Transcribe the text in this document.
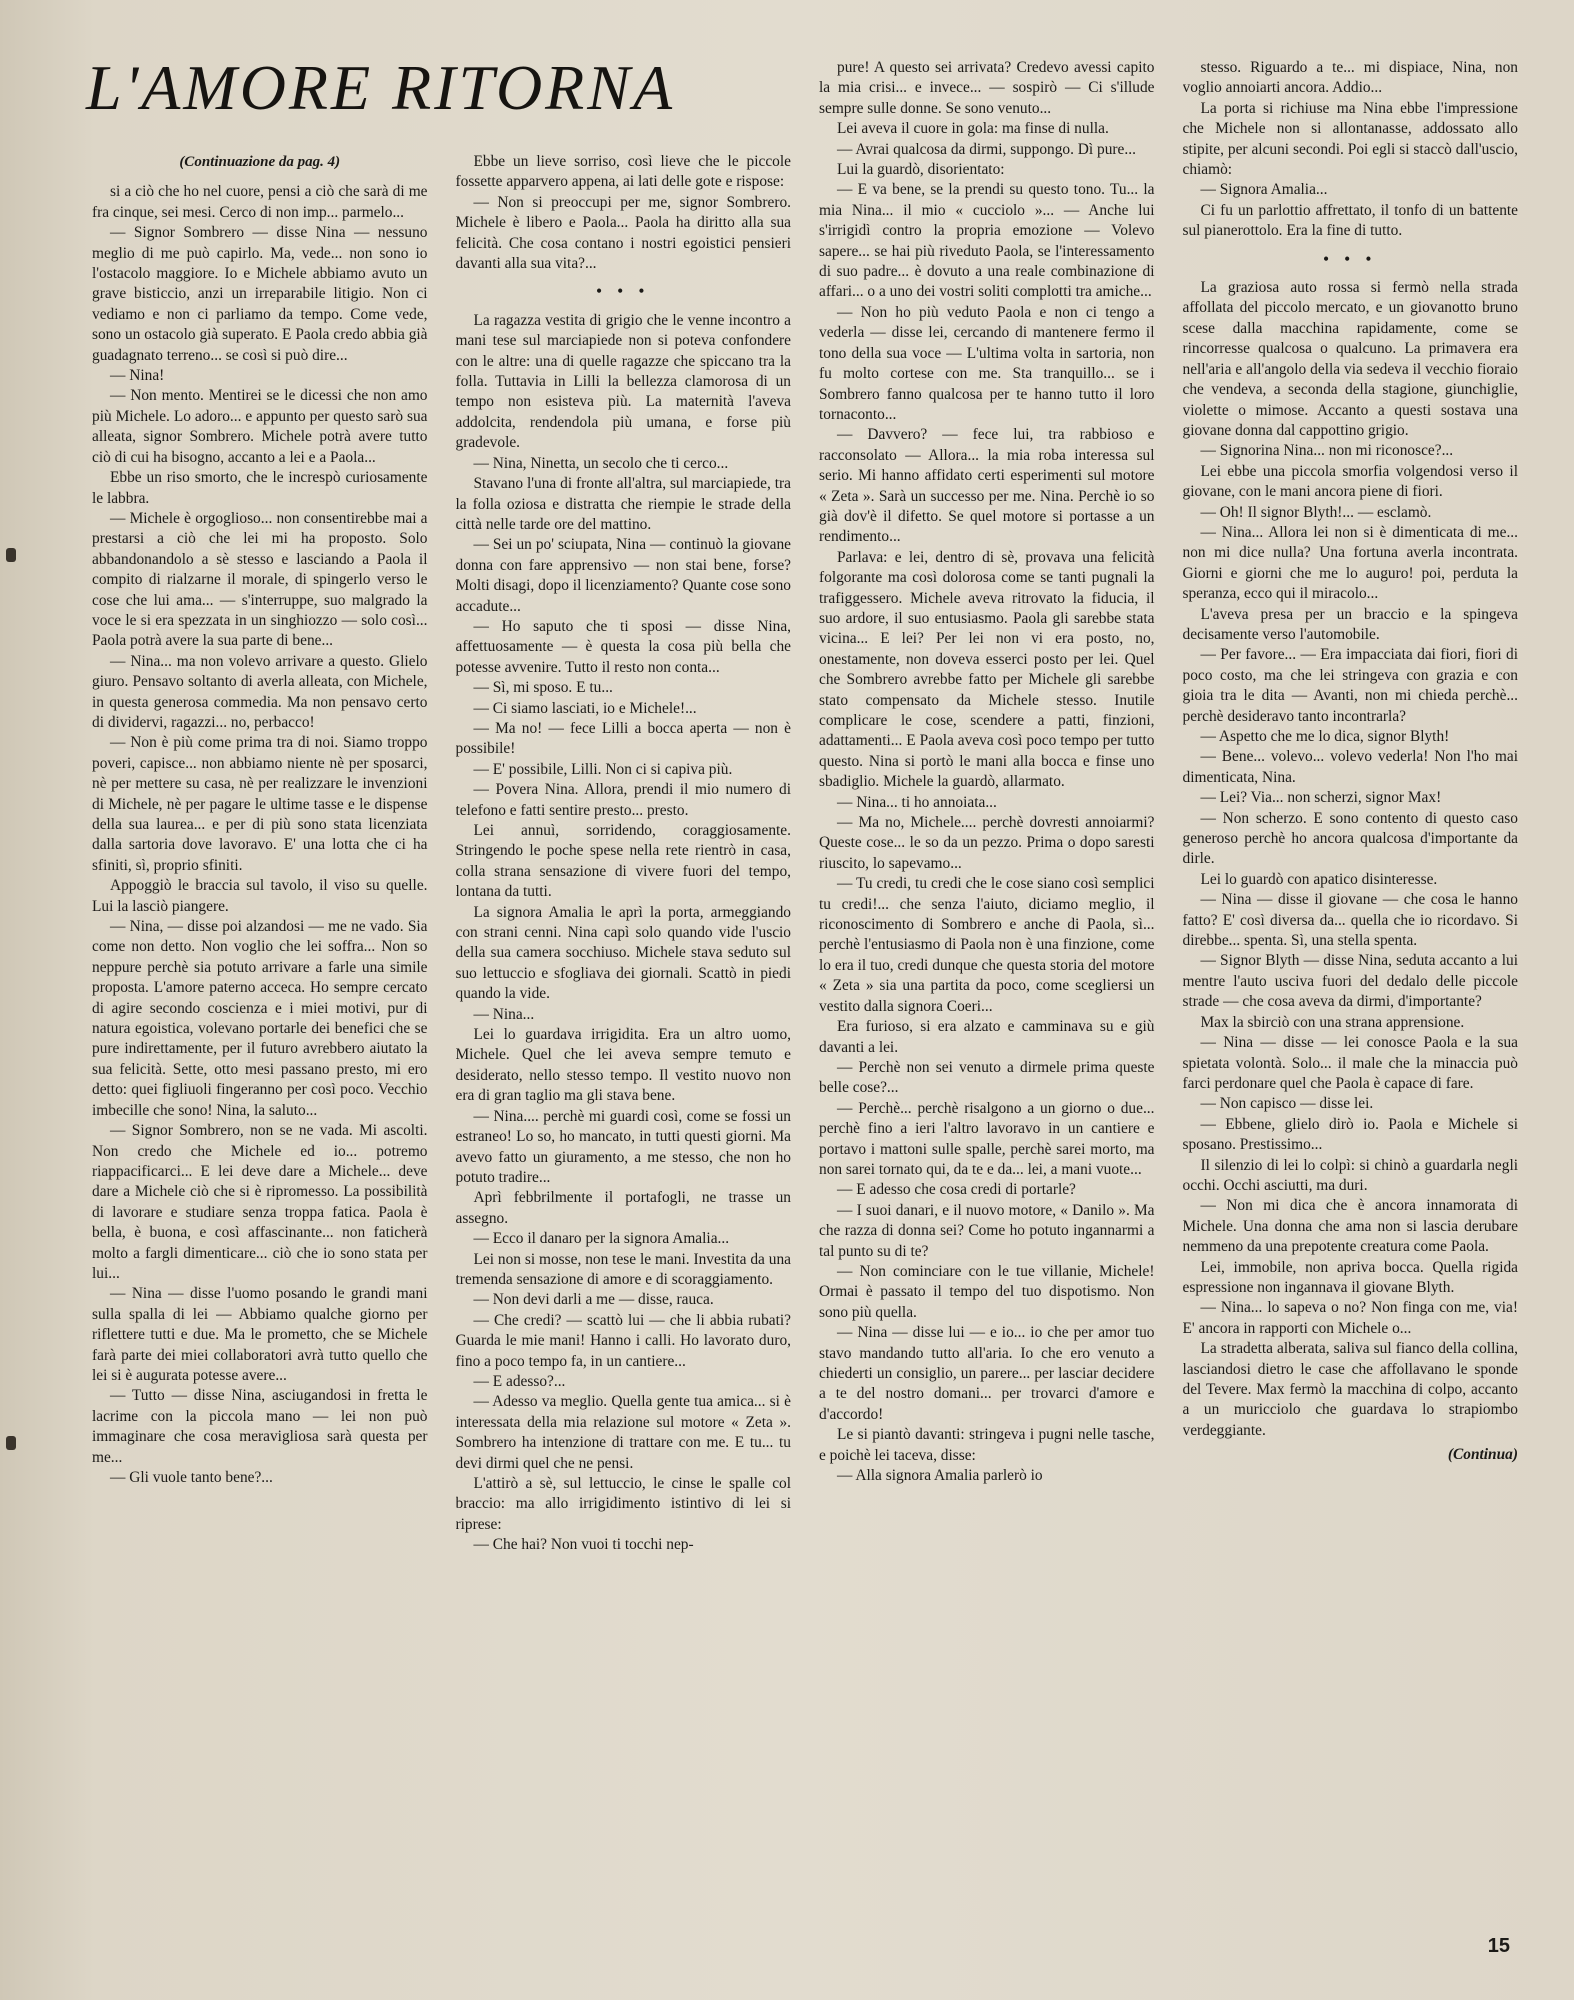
L'AMORE RITORNA
(Continuazione da pag. 4)

si a ciò che ho nel cuore, pensi a ciò che sarà di me fra cinque, sei mesi. Cerco di non imp... parmelo...

— Signor Sombrero — disse Nina — nessuno meglio di me può capirlo. Ma, vede... non sono io l'ostacolo maggiore. Io e Michele abbiamo avuto un grave bisticcio, anzi un irreparabile litigio. Non ci vediamo e non ci parliamo da tempo. Come vede, sono un ostacolo già superato. E Paola credo abbia già guadagnato terreno... se così si può dire...

— Nina!

— Non mento. Mentirei se le dicessi che non amo più Michele. Lo adoro... e appunto per questo sarò sua alleata, signor Sombrero. Michele potrà avere tutto ciò di cui ha bisogno, accanto a lei e a Paola...

Ebbe un riso smorto, che le increspò curiosamente le labbra.

— Michele è orgoglioso... non consentirebbe mai a prestarsi a ciò che lei mi ha proposto. Solo abbandonandolo a sè stesso e lasciando a Paola il compito di rialzarne il morale, di spingerlo verso le cose che lui ama... — s'interruppe, suo malgrado la voce le si era spezzata in un singhiozzo — solo così... Paola potrà avere la sua parte di bene...

— Nina... ma non volevo arrivare a questo. Glielo giuro. Pensavo soltanto di averla alleata, con Michele, in questa generosa commedia. Ma non pensavo certo di dividervi, ragazzi... no, perbacco!

— Non è più come prima tra di noi. Siamo troppo poveri, capisce... non abbiamo niente nè per sposarci, nè per mettere su casa, nè per realizzare le invenzioni di Michele, nè per pagare le ultime tasse e le dispense della sua laurea... e per di più sono stata licenziata dalla sartoria dove lavoravo. E' una lotta che ci ha sfiniti, sì, proprio sfiniti.

Appoggiò le braccia sul tavolo, il viso su quelle. Lui la lasciò piangere.

— Nina, — disse poi alzandosi — me ne vado. Sia come non detto. Non voglio che lei soffra... Non so neppure perchè sia potuto arrivare a farle una simile proposta. L'amore paterno acceca. Ho sempre cercato di agire secondo coscienza e i miei motivi, pur di natura egoistica, volevano portarle dei benefici che se pure indirettamente, per il futuro avrebbero aiutato la sua felicità. Sette, otto mesi passano presto, mi ero detto: quei figliuoli fingeranno per così poco. Vecchio imbecille che sono! Nina, la saluto...

— Signor Sombrero, non se ne vada. Mi ascolti. Non credo che Michele ed io... potremo riappacificarci... E lei deve dare a Michele... deve dare a Michele ciò che si è ripromesso. La possibilità di lavorare e studiare senza troppa fatica. Paola è bella, è buona, e così affascinante... non faticherà molto a fargli dimenticare... ciò che io sono stata per lui...

— Nina — disse l'uomo posando le grandi mani sulla spalla di lei — Abbiamo qualche giorno per riflettere tutti e due. Ma le prometto, che se Michele farà parte dei miei collaboratori avrà tutto quello che lei si è augurata potesse avere...

— Tutto — disse Nina, asciugandosi in fretta le lacrime con la piccola mano — lei non può immaginare che cosa meravigliosa sarà questa per me...

— Gli vuole tanto bene?...

Ebbe un lieve sorriso, così lieve che le piccole fossette apparvero appena, ai lati delle gote e rispose:

— Non si preoccupi per me, signor Sombrero. Michele è libero e Paola... Paola ha diritto alla sua felicità. Che cosa contano i nostri egoistici pensieri davanti alla sua vita?...

• • •

La ragazza vestita di grigio che le venne incontro a mani tese sul marciapiede non si poteva confondere con le altre: una di quelle ragazze che spiccano tra la folla. Tuttavia in Lilli la bellezza clamorosa di un tempo non esisteva più. La maternità l'aveva addolcita, rendendola più umana, e forse più gradevole.

— Nina, Ninetta, un secolo che ti cerco...

Stavano l'una di fronte all'altra, sul marciapiede, tra la folla oziosa e distratta che riempie le strade della città nelle tarde ore del mattino.

— Sei un po' sciupata, Nina — continuò la giovane donna con fare apprensivo — non stai bene, forse? Molti disagi, dopo il licenziamento? Quante cose sono accadute...

— Ho saputo che ti sposi — disse Nina, affettuosamente — è questa la cosa più bella che potesse avvenire. Tutto il resto non conta...

— Sì, mi sposo. E tu...

— Ci siamo lasciati, io e Michele!...

— Ma no! — fece Lilli a bocca aperta — non è possibile!

— E' possibile, Lilli. Non ci si capiva più.

— Povera Nina. Allora, prendi il mio numero di telefono e fatti sentire presto... presto.

Lei annuì, sorridendo, coraggiosamente. Stringendo le poche spese nella rete rientrò in casa, colla strana sensazione di vivere fuori del tempo, lontana da tutti.

La signora Amalia le aprì la porta, armeggiando con strani cenni. Nina capì solo quando vide l'uscio della sua camera socchiuso. Michele stava seduto sul suo lettuccio e sfogliava dei giornali. Scattò in piedi quando la vide.

— Nina...

Lei lo guardava irrigidita. Era un altro uomo, Michele. Quel che lei aveva sempre temuto e desiderato, nello stesso tempo. Il vestito nuovo non era di gran taglio ma gli stava bene.

— Nina.... perchè mi guardi così, come se fossi un estraneo! Lo so, ho mancato, in tutti questi giorni. Ma avevo fatto un giuramento, a me stesso, che non ho potuto tradire...

Aprì febbrilmente il portafogli, ne trasse un assegno.

— Ecco il danaro per la signora Amalia...

Lei non si mosse, non tese le mani. Investita da una tremenda sensazione di amore e di scoraggiamento.

— Non devi darli a me — disse, rauca.

— Che credi? — scattò lui — che li abbia rubati? Guarda le mie mani! Hanno i calli. Ho lavorato duro, fino a poco tempo fa, in un cantiere...

— E adesso?...

— Adesso va meglio. Quella gente tua amica... si è interessata della mia relazione sul motore « Zeta ». Sombrero ha intenzione di trattare con me. E tu... tu devi dirmi quel che ne pensi.

L'attirò a sè, sul lettuccio, le cinse le spalle col braccio: ma allo irrigidimento istintivo di lei si riprese:

— Che hai? Non vuoi ti tocchi nep-

pure! A questo sei arrivata? Credevo avessi capito la mia crisi... e invece... — sospirò — Ci s'illude sempre sulle donne. Se sono venuto...

Lei aveva il cuore in gola: ma finse di nulla.

— Avrai qualcosa da dirmi, suppongo. Dì pure...

Lui la guardò, disorientato:

— E va bene, se la prendi su questo tono. Tu... la mia Nina... il mio « cucciolo »... — Anche lui s'irrigidì contro la propria emozione — Volevo sapere... se hai più riveduto Paola, se l'interessamento di suo padre... è dovuto a una reale combinazione di affari... o a uno dei vostri soliti complotti tra amiche...

— Non ho più veduto Paola e non ci tengo a vederla — disse lei, cercando di mantenere fermo il tono della sua voce — L'ultima volta in sartoria, non fu molto cortese con me. Sta tranquillo... se i Sombrero fanno qualcosa per te hanno tutto il loro tornaconto...

— Davvero? — fece lui, tra rabbioso e racconsolato — Allora... la mia roba interessa sul serio. Mi hanno affidato certi esperimenti sul motore « Zeta ». Sarà un successo per me. Nina. Perchè io so già dov'è il difetto. Se quel motore si portasse a un rendimento...

Parlava: e lei, dentro di sè, provava una felicità folgorante ma così dolorosa come se tanti pugnali la trafiggessero. Michele aveva ritrovato la fiducia, il suo ardore, il suo entusiasmo. Paola gli sarebbe stata vicina... E lei? Per lei non vi era posto, no, onestamente, non doveva esserci posto per lei. Quel che Sombrero avrebbe fatto per Michele gli sarebbe stato compensato da Michele stesso. Inutile complicare le cose, scendere a patti, finzioni, adattamenti... E Paola aveva così poco tempo per tutto questo. Nina si portò le mani alla bocca e finse uno sbadiglio. Michele la guardò, allarmato.

— Nina... ti ho annoiata...

— Ma no, Michele.... perchè dovresti annoiarmi? Queste cose... le so da un pezzo. Prima o dopo saresti riuscito, lo sapevamo...

— Tu credi, tu credi che le cose siano così semplici tu credi!... che senza l'aiuto, diciamo meglio, il riconoscimento di Sombrero e anche di Paola, sì... perchè l'entusiasmo di Paola non è una finzione, come lo era il tuo, credi dunque che questa storia del motore « Zeta » sia una partita da poco, come scegliersi un vestito dalla signora Coeri...

Era furioso, si era alzato e camminava su e giù davanti a lei.

— Perchè non sei venuto a dirmele prima queste belle cose?...

— Perchè... perchè risalgono a un giorno o due... perchè fino a ieri l'altro lavoravo in un cantiere e portavo i mattoni sulle spalle, perchè sarei morto, ma non sarei tornato qui, da te e da... lei, a mani vuote...

— E adesso che cosa credi di portarle?

— I suoi danari, e il nuovo motore, « Danilo ». Ma che razza di donna sei? Come ho potuto ingannarmi a tal punto su di te?

— Non cominciare con le tue villanie, Michele! Ormai è passato il tempo del tuo dispotismo. Non sono più quella.

— Nina — disse lui — e io... io che per amor tuo stavo mandando tutto all'aria. Io che ero venuto a chiederti un consiglio, un parere... per lasciar decidere a te del nostro domani... per trovarci d'amore e d'accordo!

Le si piantò davanti: stringeva i pugni nelle tasche, e poichè lei taceva, disse:

— Alla signora Amalia parlerò io

stesso. Riguardo a te... mi dispiace, Nina, non voglio annoiarti ancora. Addio...

La porta si richiuse ma Nina ebbe l'impressione che Michele non si allontanasse, addossato allo stipite, per alcuni secondi. Poi egli si staccò dall'uscio, chiamò:

— Signora Amalia...

Ci fu un parlottio affrettato, il tonfo di un battente sul pianerottolo. Era la fine di tutto.

• • •

La graziosa auto rossa si fermò nella strada affollata del piccolo mercato, e un giovanotto bruno scese dalla macchina rapidamente, come se rincorresse qualcosa o qualcuno. La primavera era nell'aria e all'angolo della via sedeva il vecchio fioraio che vendeva, a seconda della stagione, giunchiglie, violette o mimose. Accanto a questi sostava una giovane donna dal cappottino grigio.

— Signorina Nina... non mi riconosce?...

Lei ebbe una piccola smorfia volgendosi verso il giovane, con le mani ancora piene di fiori.

— Oh! Il signor Blyth!... — esclamò.

— Nina... Allora lei non si è dimenticata di me... non mi dice nulla? Una fortuna averla incontrata. Giorni e giorni che me lo auguro! poi, perduta la speranza, ecco qui il miracolo...

L'aveva presa per un braccio e la spingeva decisamente verso l'automobile.

— Per favore... — Era impacciata dai fiori, fiori di poco costo, ma che lei stringeva con grazia e con gioia tra le dita — Avanti, non mi chieda perchè... perchè desideravo tanto incontrarla?

— Aspetto che me lo dica, signor Blyth!

— Bene... volevo... volevo vederla! Non l'ho mai dimenticata, Nina.

— Lei? Via... non scherzi, signor Max!

— Non scherzo. E sono contento di questo caso generoso perchè ho ancora qualcosa d'importante da dirle.

Lei lo guardò con apatico disinteresse.

— Nina — disse il giovane — che cosa le hanno fatto? E' così diversa da... quella che io ricordavo. Si direbbe... spenta. Sì, una stella spenta.

— Signor Blyth — disse Nina, seduta accanto a lui mentre l'auto usciva fuori del dedalo delle piccole strade — che cosa aveva da dirmi, d'importante?

Max la sbirciò con una strana apprensione.

— Nina — disse — lei conosce Paola e la sua spietata volontà. Solo... il male che la minaccia può farci perdonare quel che Paola è capace di fare.

— Non capisco — disse lei.

— Ebbene, glielo dirò io. Paola e Michele si sposano. Prestissimo...

Il silenzio di lei lo colpì: si chinò a guardarla negli occhi. Occhi asciutti, ma duri.

— Non mi dica che è ancora innamorata di Michele. Una donna che ama non si lascia derubare nemmeno da una prepotente creatura come Paola.

Lei, immobile, non apriva bocca. Quella rigida espressione non ingannava il giovane Blyth.

— Nina... lo sapeva o no? Non finga con me, via! E' ancora in rapporti con Michele o...

La stradetta alberata, saliva sul fianco della collina, lasciandosi dietro le case che affollavano le sponde del Tevere. Max fermò la macchina di colpo, accanto a un muricciolo che guardava lo strapiombo verdeggiante.

(Continua)
15
